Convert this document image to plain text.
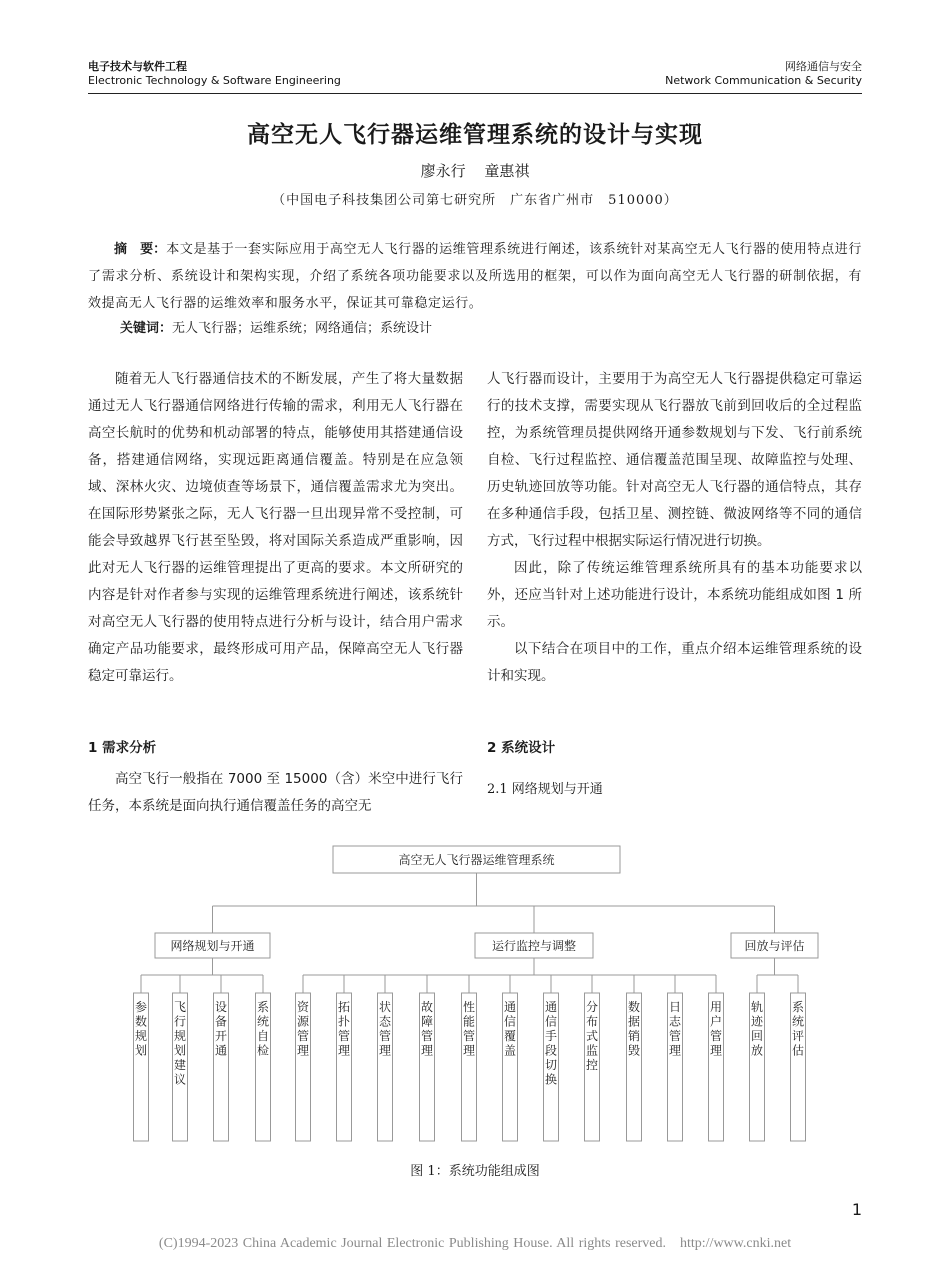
电子技术与软件工程
Electronic Technology & Software Engineering
网络通信与安全
Network Communication & Security
高空无人飞行器运维管理系统的设计与实现
廖永行 童惠祺
（中国电子科技集团公司第七研究所　广东省广州市　510000）
摘　要：本文是基于一套实际应用于高空无人飞行器的运维管理系统进行阐述，该系统针对某高空无人飞行器的使用特点进行了需求分析、系统设计和架构实现，介绍了系统各项功能要求以及所选用的框架，可以作为面向高空无人飞行器的研制依据，有效提高无人飞行器的运维效率和服务水平，保证其可靠稳定运行。
关键词：无人飞行器；运维系统；网络通信；系统设计

随着无人飞行器通信技术的不断发展，产生了将大量数据通过无人飞行器通信网络进行传输的需求，利用无人飞行器在高空长航时的优势和机动部署的特点，能够使用其搭建通信设备，搭建通信网络，实现远距离通信覆盖。特别是在应急领域、深林火灾、边境侦查等场景下，通信覆盖需求尤为突出。在国际形势紧张之际，无人飞行器一旦出现异常不受控制，可能会导致越界飞行甚至坠毁，将对国际关系造成严重影响，因此对无人飞行器的运维管理提出了更高的要求。本文所研究的内容是针对作者参与实现的运维管理系统进行阐述，该系统针对高空无人飞行器的使用特点进行分析与设计，结合用户需求确定产品功能要求，最终形成可用产品，保障高空无人飞行器稳定可靠运行。

1 需求分析

高空飞行一般指在 7000 至 15000（含）米空中进行飞行任务，本系统是面向执行通信覆盖任务的高空无

人飞行器而设计，主要用于为高空无人飞行器提供稳定可靠运行的技术支撑，需要实现从飞行器放飞前到回收后的全过程监控，为系统管理员提供网络开通参数规划与下发、飞行前系统自检、飞行过程监控、通信覆盖范围呈现、故障监控与处理、历史轨迹回放等功能。针对高空无人飞行器的通信特点，其存在多种通信手段，包括卫星、测控链、微波网络等不同的通信方式，飞行过程中根据实际运行情况进行切换。

因此，除了传统运维管理系统所具有的基本功能要求以外，还应当针对上述功能进行设计，本系统功能组成如图 1 所示。

以下结合在项目中的工作，重点介绍本运维管理系统的设计和实现。

2 系统设计
2.1 网络规划与开通
高空无人飞行器运维管理系统
网络规划与开通
参数规划
飞行规划建议
设备开通
系统自检
运行监控与调整
资源管理
拓扑管理
状态管理
故障管理
性能管理
通信覆盖
通信手段切换
分布式监控
数据销毁
日志管理
用户管理
回放与评估
轨迹回放
系统评估
图 1：系统功能组成图
1
(C)1994-2023 China Academic Journal Electronic Publishing House. All rights reserved. http://www.cnki.net
